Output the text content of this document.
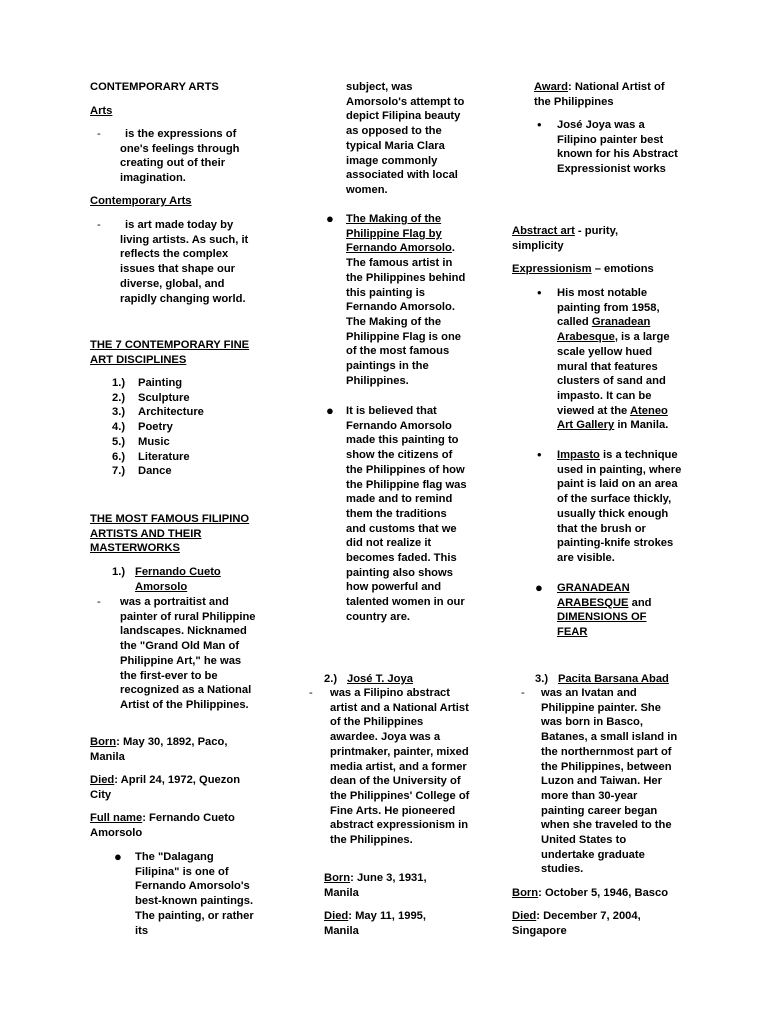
CONTEMPORARY ARTS

Arts

-	is the expressions of one's feelings through creating out of their imagination.

Contemporary Arts

-	is art made today by living artists. As such, it reflects the complex issues that shape our diverse, global, and rapidly changing world.

THE 7 CONTEMPORARY FINE ART DISCIPLINES

1.) Painting
2.) Sculpture
3.) Architecture
4.) Poetry
5.) Music
6.) Literature
7.) Dance

THE MOST FAMOUS FILIPINO ARTISTS AND THEIR MASTERWORKS

1.) Fernando Cueto Amorsolo

- was a portraitist and painter of rural Philippine landscapes. Nicknamed the "Grand Old Man of Philippine Art," he was the first-ever to be recognized as a National Artist of the Philippines.

Born: May 30, 1892, Paco, Manila

Died: April 24, 1972, Quezon City

Full name: Fernando Cueto Amorsolo

● The "Dalagang Filipina" is one of Fernando Amorsolo's best-known paintings. The painting, or rather its

subject, was Amorsolo's attempt to depict Filipina beauty as opposed to the typical Maria Clara image commonly associated with local women.

● The Making of the Philippine Flag by Fernando Amorsolo. The famous artist in the Philippines behind this painting is Fernando Amorsolo. The Making of the Philippine Flag is one of the most famous paintings in the Philippines.

● It is believed that Fernando Amorsolo made this painting to show the citizens of the Philippines of how the Philippine flag was made and to remind them the traditions and customs that we did not realize it becomes faded. This painting also shows how powerful and talented women in our country are.

2.) José T. Joya

- was a Filipino abstract artist and a National Artist of the Philippines awardee. Joya was a printmaker, painter, mixed media artist, and a former dean of the University of the Philippines' College of Fine Arts. He pioneered abstract expressionism in the Philippines.

Born: June 3, 1931, Manila

Died: May 11, 1995, Manila

Award: National Artist of the Philippines

• José Joya was a Filipino painter best known for his Abstract Expressionist works

Abstract art - purity, simplicity

Expressionism – emotions

• His most notable painting from 1958, called Granadean Arabesque, is a large scale yellow hued mural that features clusters of sand and impasto. It can be viewed at the Ateneo Art Gallery in Manila.

• Impasto is a technique used in painting, where paint is laid on an area of the surface thickly, usually thick enough that the brush or painting-knife strokes are visible.

● GRANADEAN ARABESQUE and DIMENSIONS OF FEAR

3.) Pacita Barsana Abad

- was an Ivatan and Philippine painter. She was born in Basco, Batanes, a small island in the northernmost part of the Philippines, between Luzon and Taiwan. Her more than 30-year painting career began when she traveled to the United States to undertake graduate studies.

Born: October 5, 1946, Basco

Died: December 7, 2004, Singapore
